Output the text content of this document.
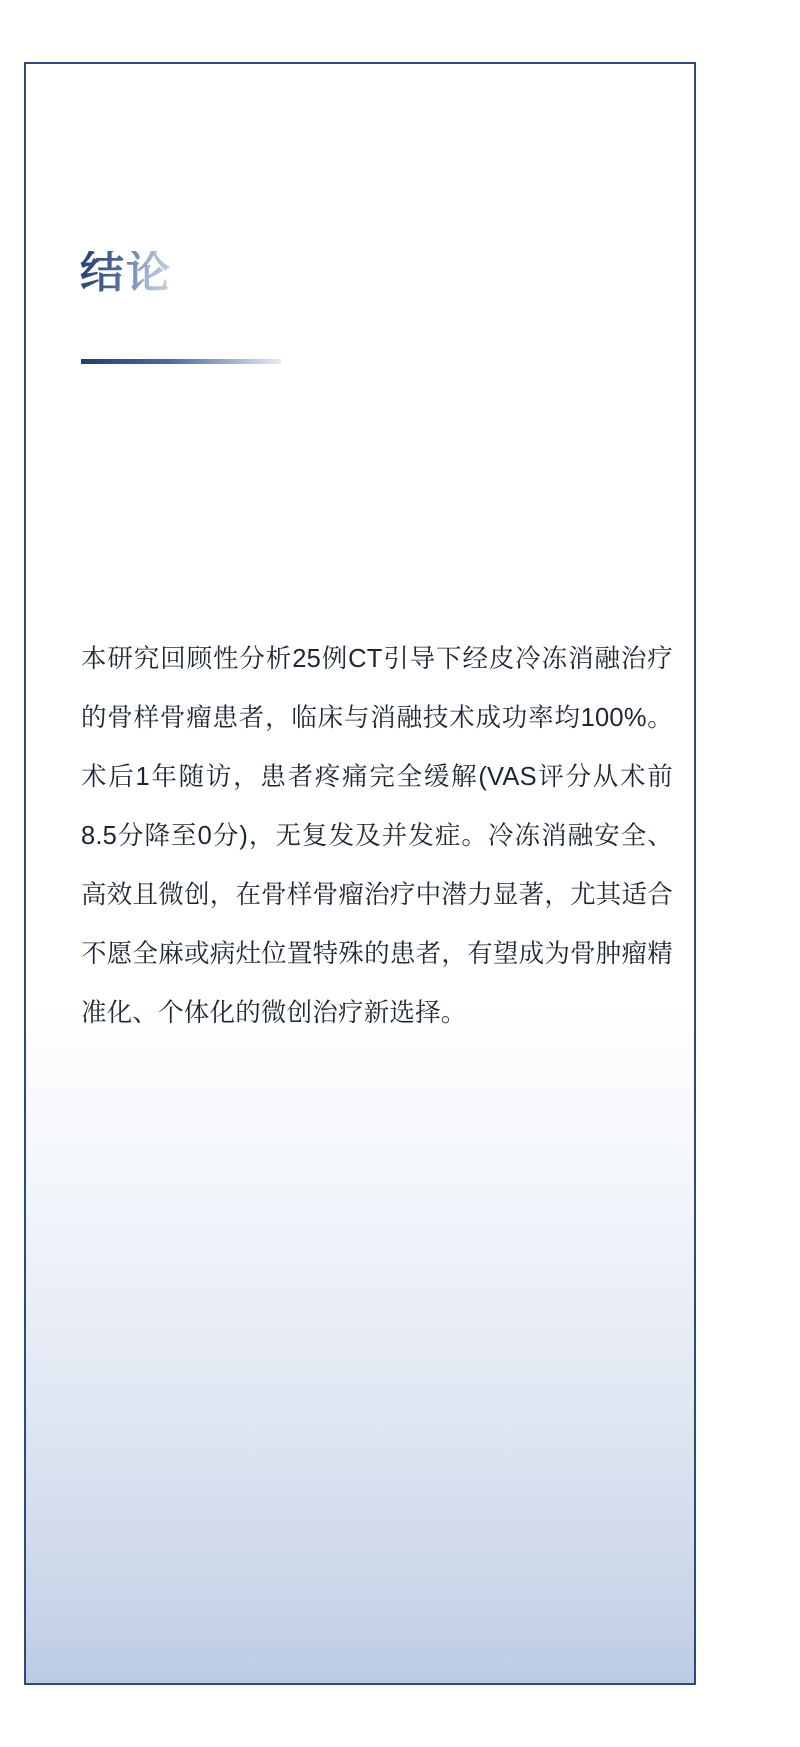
结论

本研究回顾性分析25例CT引导下经皮冷冻消融治疗的骨样骨瘤患者，临床与消融技术成功率均100%。术后1年随访，患者疼痛完全缓解(VAS评分从术前8.5分降至0分)，无复发及并发症。冷冻消融安全、高效且微创，在骨样骨瘤治疗中潜力显著，尤其适合不愿全麻或病灶位置特殊的患者，有望成为骨肿瘤精准化、个体化的微创治疗新选择。
